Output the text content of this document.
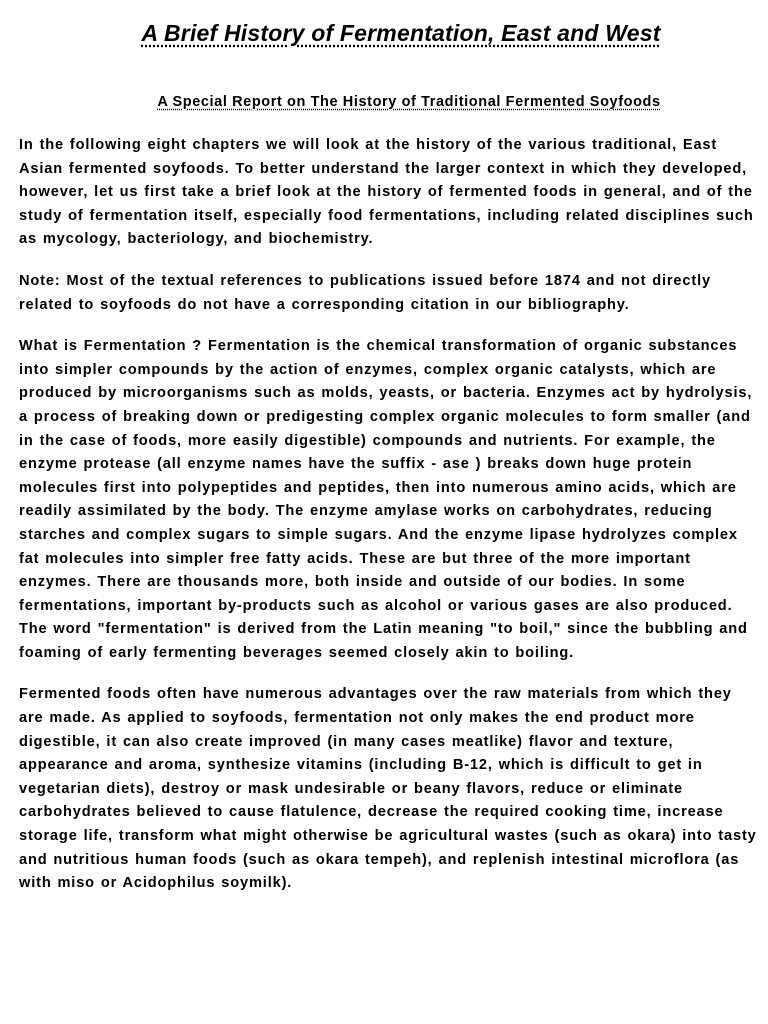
A Brief History of Fermentation, East and West
A Special Report on The History of Traditional Fermented Soyfoods

In the following eight chapters we will look at the history of the various traditional, East Asian fermented soyfoods. To better understand the larger context in which they developed, however, let us first take a brief look at the history of fermented foods in general, and of the study of fermentation itself, especially food fermentations, including related disciplines such as mycology, bacteriology, and biochemistry.

Note: Most of the textual references to publications issued before 1874 and not directly related to soyfoods do not have a corresponding citation in our bibliography.

What is Fermentation ? Fermentation is the chemical transformation of organic substances into simpler compounds by the action of enzymes, complex organic catalysts, which are produced by microorganisms such as molds, yeasts, or bacteria. Enzymes act by hydrolysis, a process of breaking down or predigesting complex organic molecules to form smaller (and in the case of foods, more easily digestible) compounds and nutrients. For example, the enzyme protease (all enzyme names have the suffix - ase ) breaks down huge protein molecules first into polypeptides and peptides, then into numerous amino acids, which are readily assimilated by the body. The enzyme amylase works on carbohydrates, reducing starches and complex sugars to simple sugars. And the enzyme lipase hydrolyzes complex fat molecules into simpler free fatty acids. These are but three of the more important enzymes. There are thousands more, both inside and outside of our bodies. In some fermentations, important by-products such as alcohol or various gases are also produced. The word "fermentation" is derived from the Latin meaning "to boil," since the bubbling and foaming of early fermenting beverages seemed closely akin to boiling.

Fermented foods often have numerous advantages over the raw materials from which they are made. As applied to soyfoods, fermentation not only makes the end product more digestible, it can also create improved (in many cases meatlike) flavor and texture, appearance and aroma, synthesize vitamins (including B-12, which is difficult to get in vegetarian diets), destroy or mask undesirable or beany flavors, reduce or eliminate carbohydrates believed to cause flatulence, decrease the required cooking time, increase storage life, transform what might otherwise be agricultural wastes (such as okara) into tasty and nutritious human foods (such as okara tempeh), and replenish intestinal microflora (as with miso or Acidophilus soymilk).
